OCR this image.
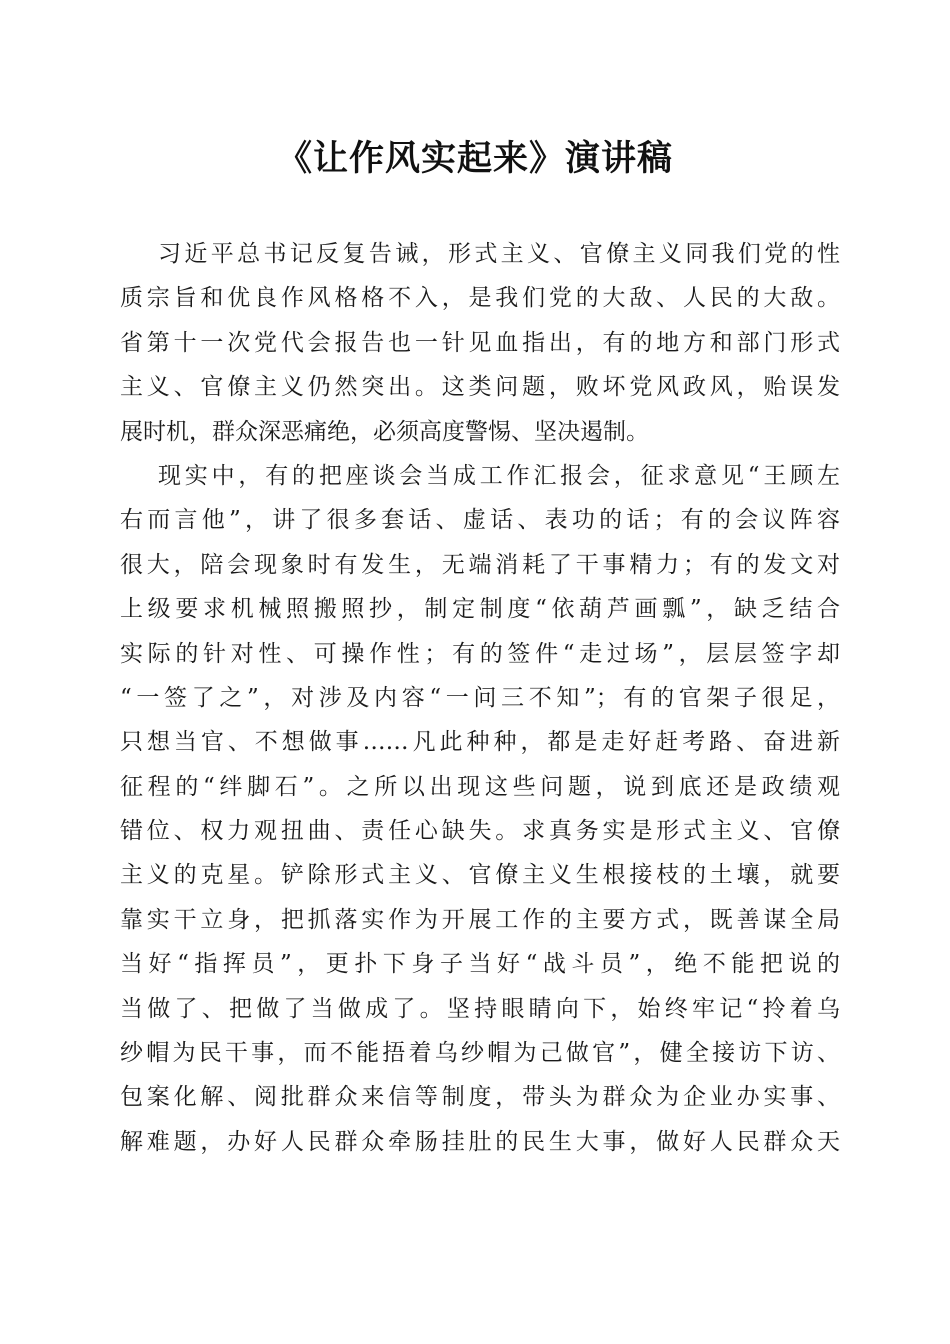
《让作风实起来》演讲稿
习近平总书记反复告诫，形式主义、官僚主义同我们党的性
质宗旨和优良作风格格不入，是我们党的大敌、人民的大敌。
省第十一次党代会报告也一针见血指出，有的地方和部门形式
主义、官僚主义仍然突出。这类问题，败坏党风政风，贻误发
展时机，群众深恶痛绝，必须高度警惕、坚决遏制。
现实中，有的把座谈会当成工作汇报会，征求意见“王顾左
右而言他”，讲了很多套话、虚话、表功的话；有的会议阵容
很大，陪会现象时有发生，无端消耗了干事精力；有的发文对
上级要求机械照搬照抄，制定制度“依葫芦画瓢”，缺乏结合
实际的针对性、可操作性；有的签件“走过场”，层层签字却
“一签了之”，对涉及内容“一问三不知”；有的官架子很足，
只想当官、不想做事……凡此种种，都是走好赶考路、奋进新
征程的“绊脚石”。之所以出现这些问题，说到底还是政绩观
错位、权力观扭曲、责任心缺失。求真务实是形式主义、官僚
主义的克星。铲除形式主义、官僚主义生根接枝的土壤，就要
靠实干立身，把抓落实作为开展工作的主要方式，既善谋全局
当好“指挥员”，更扑下身子当好“战斗员”，绝不能把说的
当做了、把做了当做成了。坚持眼睛向下，始终牢记“拎着乌
纱帽为民干事，而不能捂着乌纱帽为己做官”，健全接访下访、
包案化解、阅批群众来信等制度，带头为群众为企业办实事、
解难题，办好人民群众牵肠挂肚的民生大事，做好人民群众天
